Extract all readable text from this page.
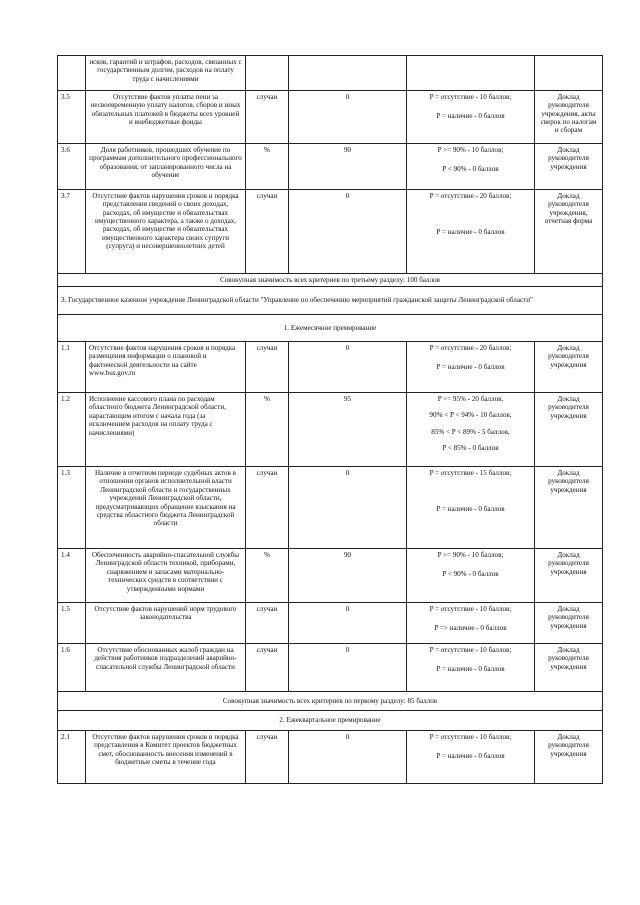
	исков, гарантий и штрафов, расходов, связанных с государственным долгом, расходов на оплату труда с начислениями				
3.5	Отсутствие фактов уплаты пени за несвоевременную уплату налогов, сборов и иных обязательных платежей в бюджеты всех уровней и внебюджетные фонды	случаи	0	P = отсутствие - 10 баллов;
P = наличие - 0 баллов	Доклад руководителя учреждения, акты сверок по налогам и сборам
3.6	Доля работников, прошедших обучение по программам дополнительного профессионального образования, от запланированного числа на обучение	%	90	P >= 90% - 10 баллов;
P < 90% - 0 баллов	Доклад руководителя учреждения
3.7	Отсутствие фактов нарушения сроков и порядка представления сведений о своих доходах, расходах, об имуществе и обязательствах имущественного характера, а также о доходах, расходах, об имуществе и обязательствах имущественного характера своих супруги (супруга) и несовершеннолетних детей	случаи	0	P = отсутствие - 20 баллов;
P = наличие - 0 баллов	Доклад руководителя учреждения, отчетная форма
Совокупная значимость всех критериев по третьему разделу: 100 баллов					
3. Государственное казенное учреждение Ленинградской области "Управление по обеспечению мероприятий гражданской защиты Ленинградской области"					
1. Ежемесячное премирование					
1.1	Отсутствие фактов нарушения сроков и порядка размещения информации о плановой и фактической деятельности на сайте www.bus.gov.ru	случаи	0	P = отсутствие - 20 баллов;
P = наличие - 0 баллов	Доклад руководителя учреждения
1.2	Исполнение кассового плана по расходам областного бюджета Ленинградской области, нарастающим итогом с начала года (за исключением расходов на оплату труда с начислениями)	%	95	P >= 95% - 20 баллов,
90% < P < 94% - 10 баллов,
85% < P < 89% - 5 баллов,
P < 85% - 0 баллов	Доклад руководителя учреждения
1.3	Наличие в отчетном периоде судебных актов в отношении органов исполнительной власти Ленинградской области и государственных учреждений Ленинградской области, предусматривающих обращение взыскания на средства областного бюджета Ленинградской области	случаи	0	P = отсутствие - 15 баллов;
P = наличие - 0 баллов	Доклад руководителя учреждения
1.4	Обеспеченность аварийно-спасательной службы Ленинградской области техникой, приборами, снаряжением и запасами материально-технических средств в соответствии с утвержденными нормами	%	90	P >= 90% - 10 баллов;
P < 90% - 0 баллов	Доклад руководителя учреждения
1.5	Отсутствие фактов нарушений норм трудового законодательства	случаи	0	P = отсутствие - 10 баллов;
P => наличие - 0 баллов	Доклад руководителя учреждения
1.6	Отсутствие обоснованных жалоб граждан на действия работников подразделений аварийно-спасательной службы Ленинградской области	случаи	0	P = отсутствие - 10 баллов;
P = наличие - 0 баллов	Доклад руководителя учреждения
Совокупная значимость всех критериев по первому разделу: 85 баллов					
2. Ежеквартальное премирование					
2.1	Отсутствие фактов нарушения сроков и порядка представления в Комитет проектов бюджетных смет, обоснованность внесения изменений в бюджетные сметы в течение года	случаи	0	P = отсутствие - 10 баллов;
P = наличие - 0 баллов	Доклад руководителя учреждения
